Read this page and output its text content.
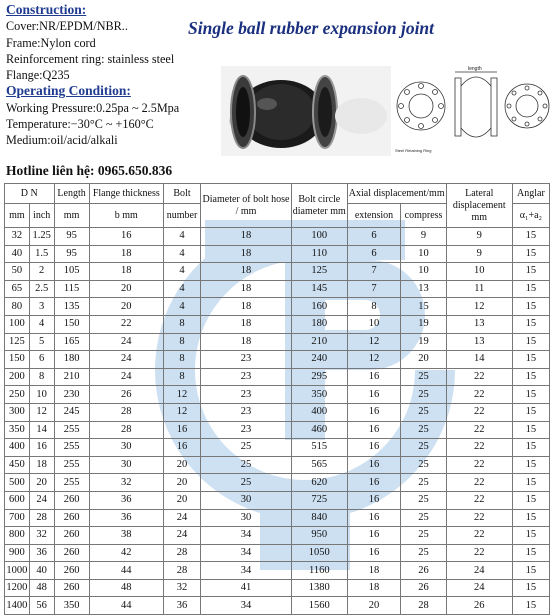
Construction:
Cover:NR/EPDM/NBR..
Frame:Nylon cord
Reinforcement ring: stainless steel
Flange:Q235
Operating Condition:
Working Pressure:0.25pa ~ 2.5Mpa
Temperature:−30°C ~ +160°C
Medium:oil/acid/alkali
Single ball rubber expansion joint
Hotline liên hệ: 0965.650.836
length
Steel Retaining Ring
D N		Length	Flange thickness	Bolt	Diameter of bolt hose / mm	Bolt circle diameter mm	Axial displacement/mm		Lateral displacement mm	Anglar
mm	inch	mm	b mm	number			extension	compress		α₁+a₂
32	1.25	95	16	4	18	100	6	9	9	15
40	1.5	95	18	4	18	110	6	10	9	15
50	2	105	18	4	18	125	7	10	10	15
65	2.5	115	20	4	18	145	7	13	11	15
80	3	135	20	4	18	160	8	15	12	15
100	4	150	22	8	18	180	10	19	13	15
125	5	165	24	8	18	210	12	19	13	15
150	6	180	24	8	23	240	12	20	14	15
200	8	210	24	8	23	295	16	25	22	15
250	10	230	26	12	23	350	16	25	22	15
300	12	245	28	12	23	400	16	25	22	15
350	14	255	28	16	23	460	16	25	22	15
400	16	255	30	16	25	515	16	25	22	15
450	18	255	30	20	25	565	16	25	22	15
500	20	255	32	20	25	620	16	25	22	15
600	24	260	36	20	30	725	16	25	22	15
700	28	260	36	24	30	840	16	25	22	15
800	32	260	38	24	34	950	16	25	22	15
900	36	260	42	28	34	1050	16	25	22	15
1000	40	260	44	28	34	1160	18	26	24	15
1200	48	260	48	32	41	1380	18	26	24	15
1400	56	350	44	36	34	1560	20	28	26	15
